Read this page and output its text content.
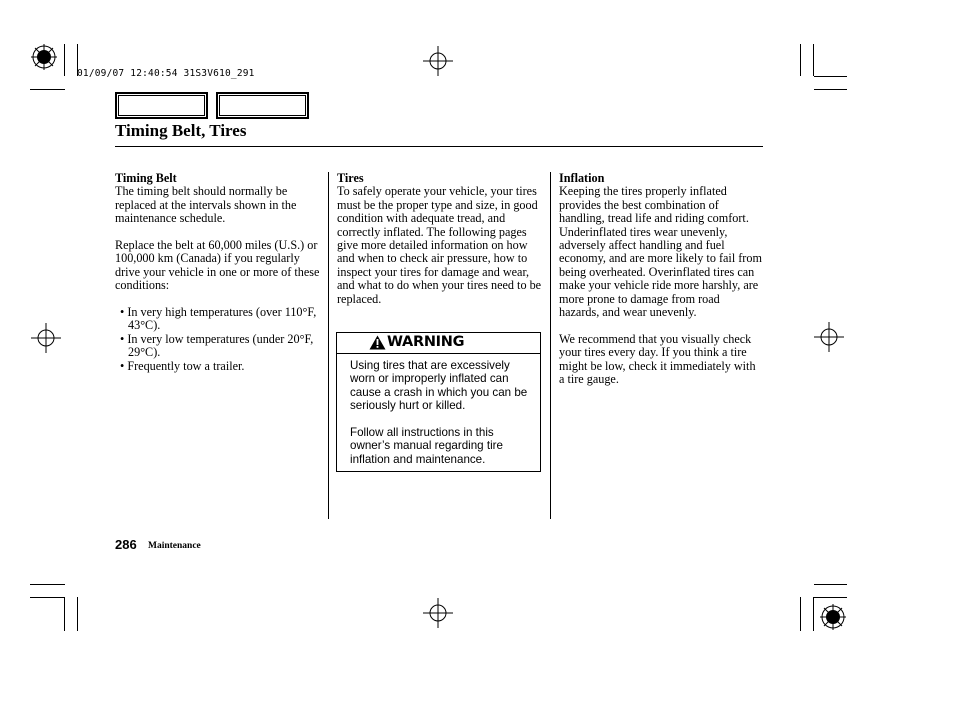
01/09/07 12:40:54 31S3V610_291
Timing Belt, Tires
Timing Belt

The timing belt should normally be replaced at the intervals shown in the maintenance schedule.

Replace the belt at 60,000 miles (U.S.) or 100,000 km (Canada) if you regularly drive your vehicle in one or more of these conditions:

• In very high temperatures (over 110°F, 43°C).
• In very low temperatures (under 20°F, 29°C).
• Frequently tow a trailer.
Tires

To safely operate your vehicle, your tires must be the proper type and size, in good condition with adequate tread, and correctly inflated. The following pages give more detailed information on how and when to check air pressure, how to inspect your tires for damage and wear, and what to do when your tires need to be replaced.

WARNING

Using tires that are excessively worn or improperly inflated can cause a crash in which you can be seriously hurt or killed.

Follow all instructions in this owner’s manual regarding tire inflation and maintenance.

Inflation

Keeping the tires properly inflated provides the best combination of handling, tread life and riding comfort. Underinflated tires wear unevenly, adversely affect handling and fuel economy, and are more likely to fail from being overheated. Overinflated tires can make your vehicle ride more harshly, are more prone to damage from road hazards, and wear unevenly.

We recommend that you visually check your tires every day. If you think a tire might be low, check it immediately with a tire gauge.

286 Maintenance
